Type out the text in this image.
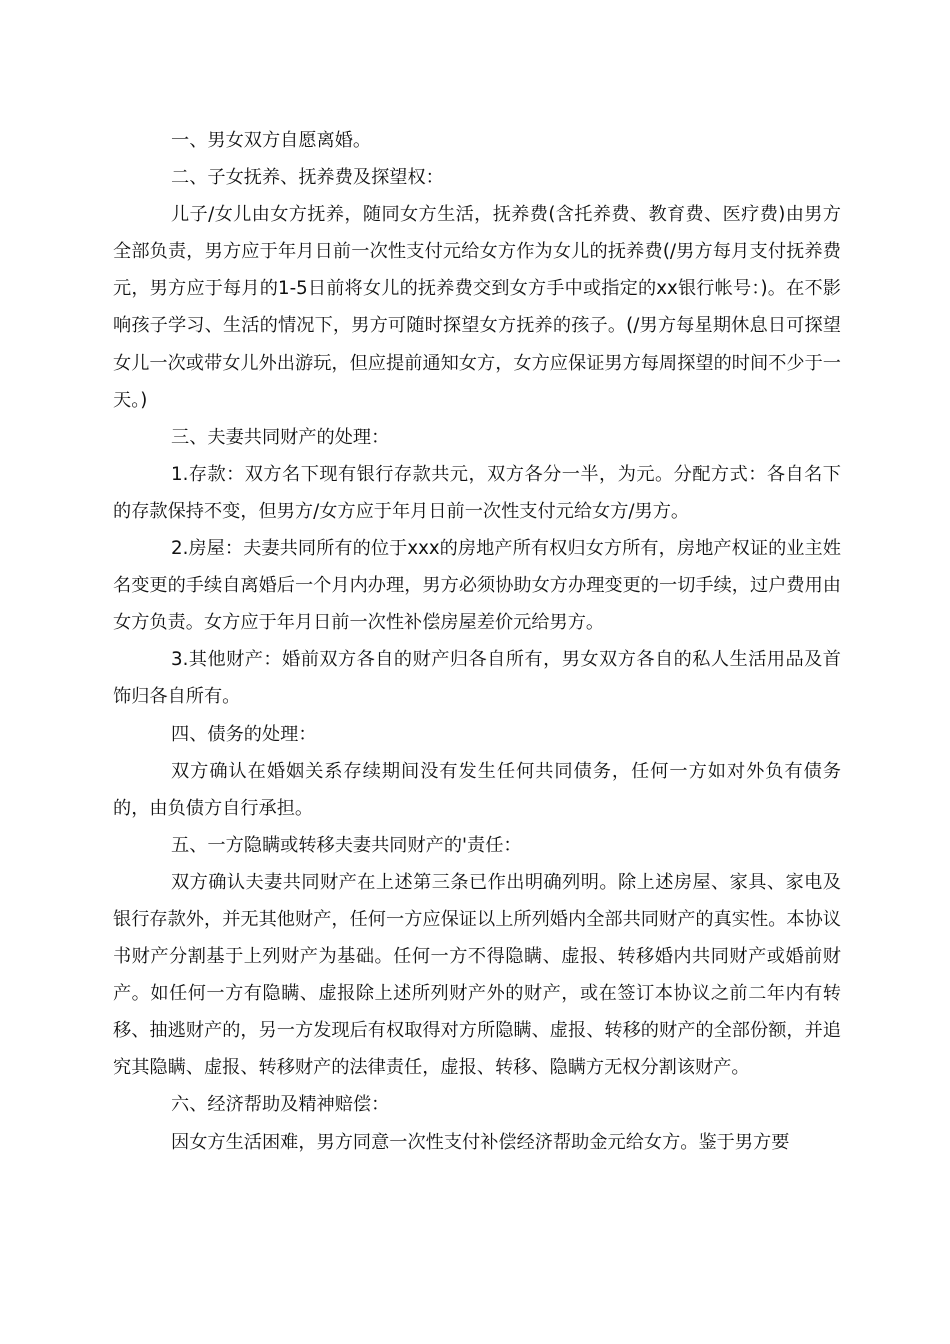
一、男女双方自愿离婚。

二、子女抚养、抚养费及探望权：

儿子/女儿由女方抚养，随同女方生活，抚养费(含托养费、教育费、医疗费)由男方全部负责，男方应于年月日前一次性支付元给女方作为女儿的抚养费(/男方每月支付抚养费元，男方应于每月的1-5日前将女儿的抚养费交到女方手中或指定的xx银行帐号：)。在不影响孩子学习、生活的情况下，男方可随时探望女方抚养的孩子。(/男方每星期休息日可探望女儿一次或带女儿外出游玩，但应提前通知女方，女方应保证男方每周探望的时间不少于一天。)

三、夫妻共同财产的处理：

1.存款：双方名下现有银行存款共元，双方各分一半，为元。分配方式：各自名下的存款保持不变，但男方/女方应于年月日前一次性支付元给女方/男方。

2.房屋：夫妻共同所有的位于xxx的房地产所有权归女方所有，房地产权证的业主姓名变更的手续自离婚后一个月内办理，男方必须协助女方办理变更的一切手续，过户费用由女方负责。女方应于年月日前一次性补偿房屋差价元给男方。

3.其他财产：婚前双方各自的财产归各自所有，男女双方各自的私人生活用品及首饰归各自所有。

四、债务的处理：

双方确认在婚姻关系存续期间没有发生任何共同债务，任何一方如对外负有债务的，由负债方自行承担。

五、一方隐瞒或转移夫妻共同财产的'责任：

双方确认夫妻共同财产在上述第三条已作出明确列明。除上述房屋、家具、家电及银行存款外，并无其他财产，任何一方应保证以上所列婚内全部共同财产的真实性。本协议书财产分割基于上列财产为基础。任何一方不得隐瞒、虚报、转移婚内共同财产或婚前财产。如任何一方有隐瞒、虚报除上述所列财产外的财产，或在签订本协议之前二年内有转移、抽逃财产的，另一方发现后有权取得对方所隐瞒、虚报、转移的财产的全部份额，并追究其隐瞒、虚报、转移财产的法律责任，虚报、转移、隐瞒方无权分割该财产。

六、经济帮助及精神赔偿：

因女方生活困难，男方同意一次性支付补偿经济帮助金元给女方。鉴于男方要
